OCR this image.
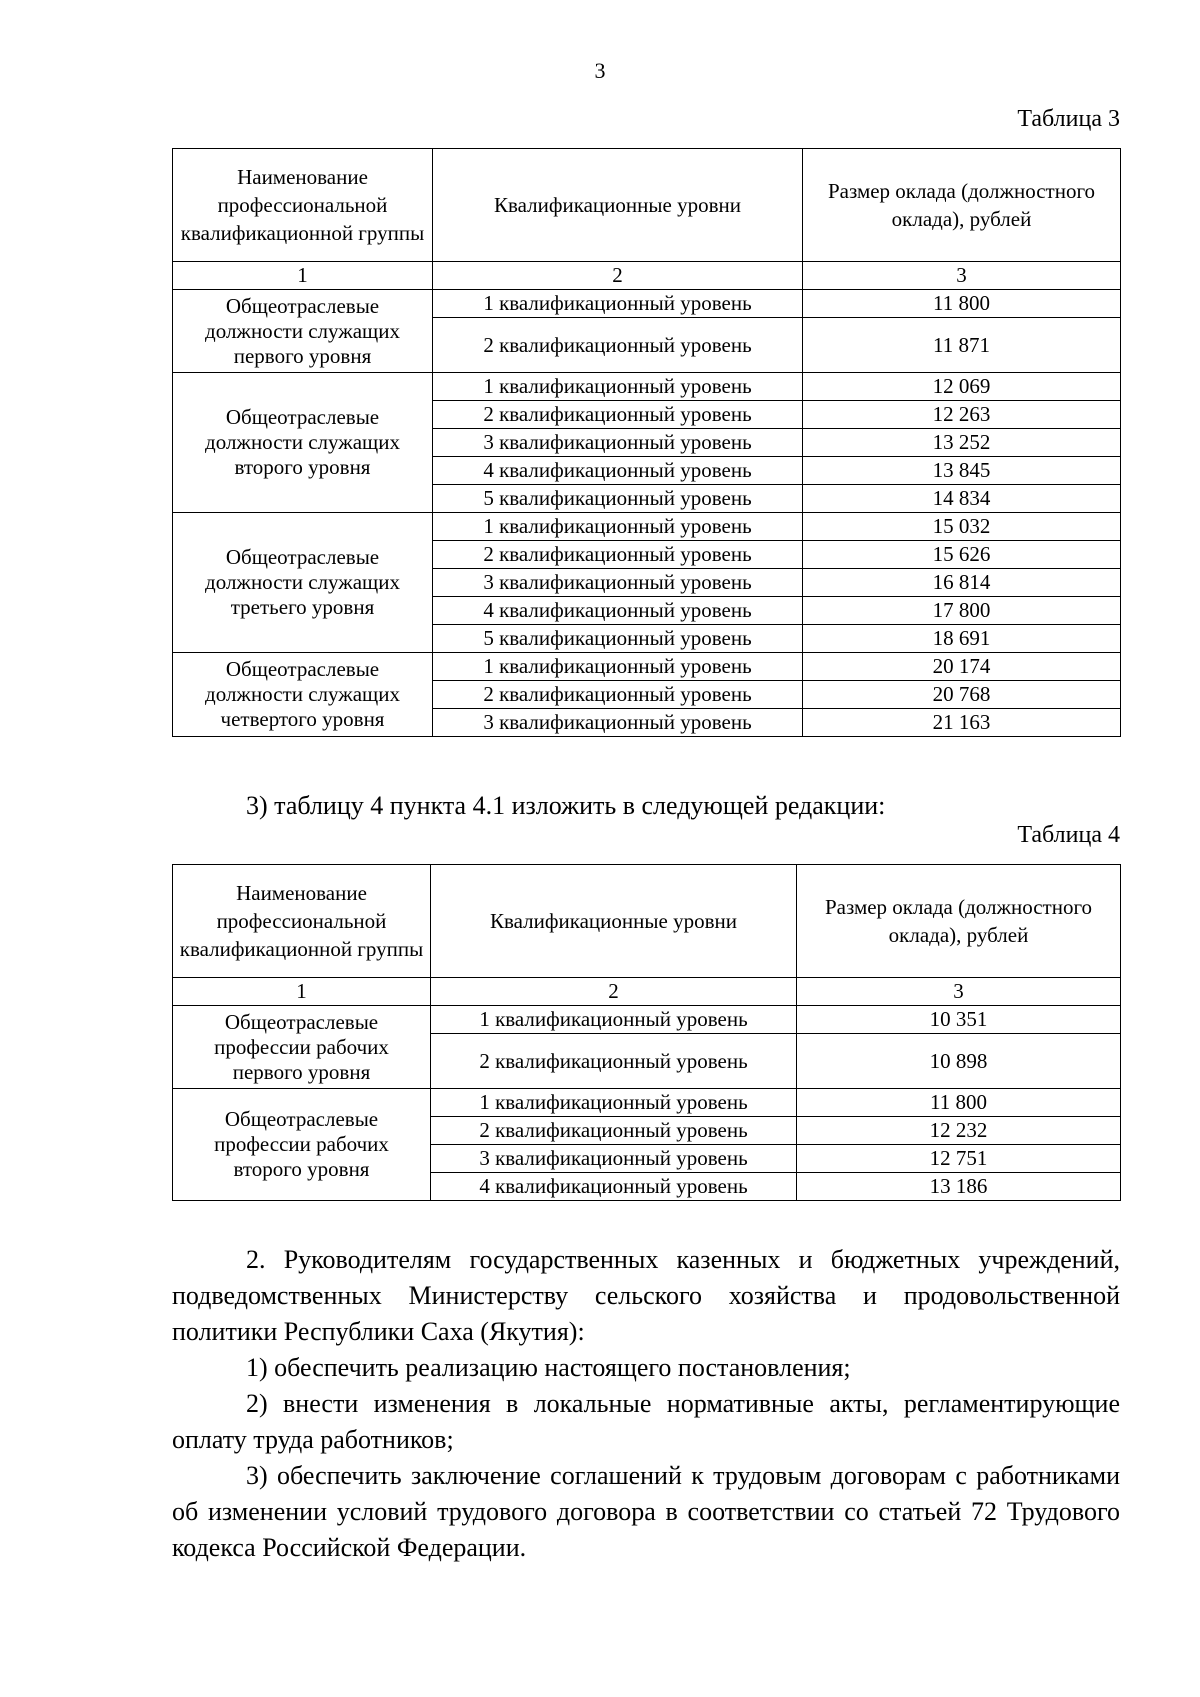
3
Таблица 3
Наименование профессиональной квалификационной группы	Квалификационные уровни	Размер оклада (должностного оклада), рублей
1	2	3
Общеотраслевые должности служащих первого уровня	1 квалификационный уровень	11 800
	2 квалификационный уровень	11 871
Общеотраслевые должности служащих второго уровня	1 квалификационный уровень	12 069
	2 квалификационный уровень	12 263
	3 квалификационный уровень	13 252
	4 квалификационный уровень	13 845
	5 квалификационный уровень	14 834
Общеотраслевые должности служащих третьего уровня	1 квалификационный уровень	15 032
	2 квалификационный уровень	15 626
	3 квалификационный уровень	16 814
	4 квалификационный уровень	17 800
	5 квалификационный уровень	18 691
Общеотраслевые должности служащих четвертого уровня	1 квалификационный уровень	20 174
	2 квалификационный уровень	20 768
	3 квалификационный уровень	21 163
3) таблицу 4 пункта 4.1 изложить в следующей редакции:
Таблица 4
Наименование профессиональной квалификационной группы	Квалификационные уровни	Размер оклада (должностного оклада), рублей
1	2	3
Общеотраслевые профессии рабочих первого уровня	1 квалификационный уровень	10 351
	2 квалификационный уровень	10 898
Общеотраслевые профессии рабочих второго уровня	1 квалификационный уровень	11 800
	2 квалификационный уровень	12 232
	3 квалификационный уровень	12 751
	4 квалификационный уровень	13 186
2. Руководителям государственных казенных и бюджетных учреждений, подведомственных Министерству сельского хозяйства и продовольственной политики Республики Саха (Якутия):
1) обеспечить реализацию настоящего постановления;
2) внести изменения в локальные нормативные акты, регламентирующие оплату труда работников;
3) обеспечить заключение соглашений к трудовым договорам с работниками об изменении условий трудового договора в соответствии со статьей 72 Трудового кодекса Российской Федерации.
